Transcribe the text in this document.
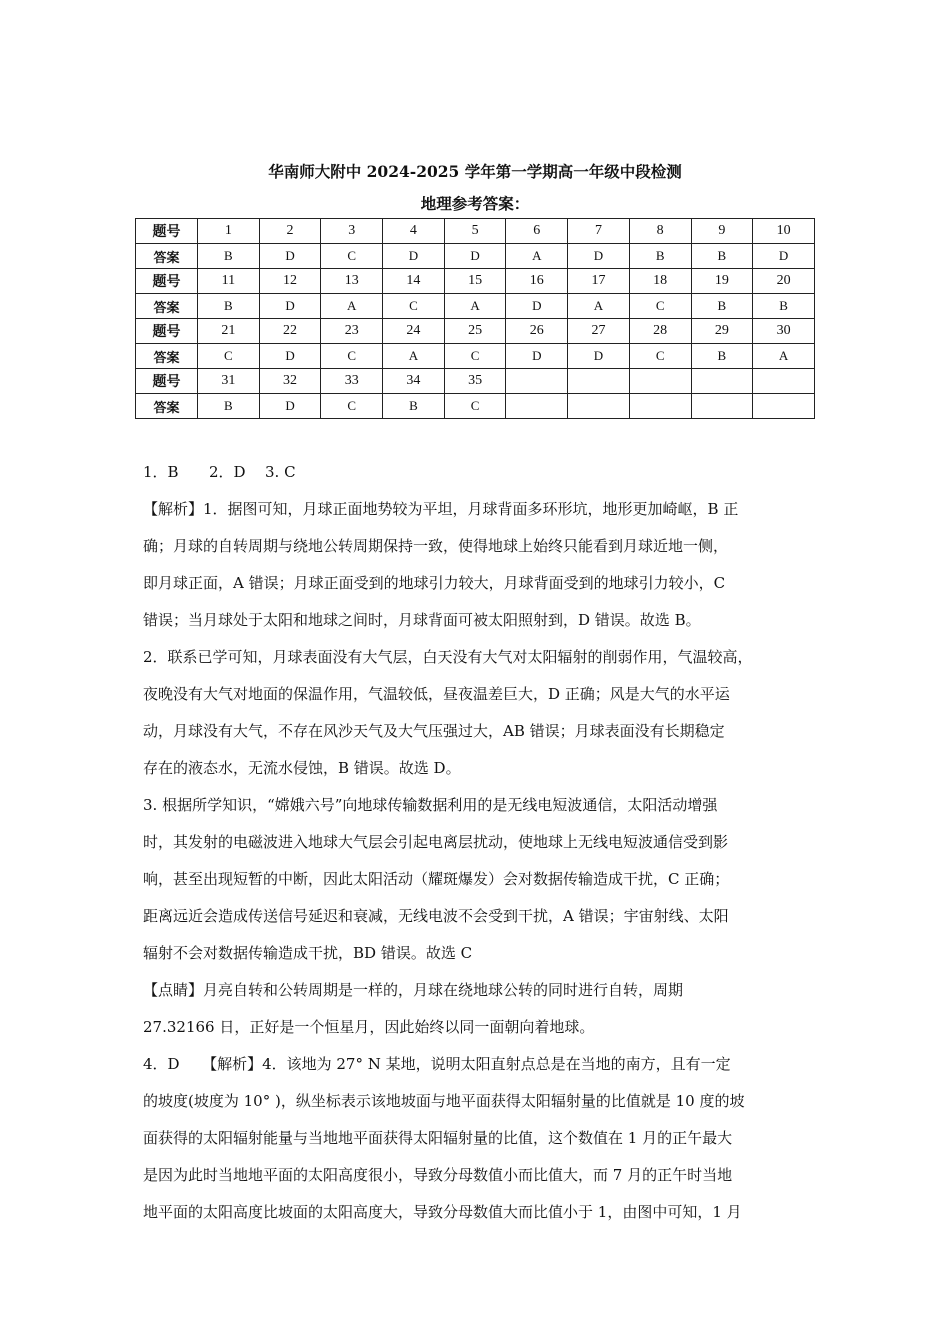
华南师大附中 2024-2025 学年第一学期高一年级中段检测
地理参考答案：
题号	1	2	3	4	5	6	7	8	9	10
答案	B	D	C	D	D	A	D	B	B	D
题号	11	12	13	14	15	16	17	18	19	20
答案	B	D	A	C	A	D	A	C	B	B
题号	21	22	23	24	25	26	27	28	29	30
答案	C	D	C	A	C	D	D	C	B	A
题号	31	32	33	34	35					
答案	B	D	C	B	C					
1．B 2．D 3. C
【解析】1．据图可知，月球正面地势较为平坦，月球背面多环形坑，地形更加崎岖，B 正
确；月球的自转周期与绕地公转周期保持一致，使得地球上始终只能看到月球近地一侧，
即月球正面，A 错误；月球正面受到的地球引力较大，月球背面受到的地球引力较小，C
错误；当月球处于太阳和地球之间时，月球背面可被太阳照射到，D 错误。故选 B。
2．联系已学可知，月球表面没有大气层，白天没有大气对太阳辐射的削弱作用，气温较高，
夜晚没有大气对地面的保温作用，气温较低，昼夜温差巨大，D 正确；风是大气的水平运
动，月球没有大气，不存在风沙天气及大气压强过大，AB 错误；月球表面没有长期稳定
存在的液态水，无流水侵蚀，B 错误。故选 D。
3. 根据所学知识，“嫦娥六号”向地球传输数据利用的是无线电短波通信，太阳活动增强
时，其发射的电磁波进入地球大气层会引起电离层扰动，使地球上无线电短波通信受到影
响，甚至出现短暂的中断，因此太阳活动（耀斑爆发）会对数据传输造成干扰，C 正确；
距离远近会造成传送信号延迟和衰减，无线电波不会受到干扰，A 错误；宇宙射线、太阳
辐射不会对数据传输造成干扰，BD 错误。故选 C
【点睛】月亮自转和公转周期是一样的，月球在绕地球公转的同时进行自转，周期
27.32166 日，正好是一个恒星月，因此始终以同一面朝向着地球。
4．D　　【解析】4．该地为 27° N 某地，说明太阳直射点总是在当地的南方，且有一定
的坡度(坡度为 10° )，纵坐标表示该地坡面与地平面获得太阳辐射量的比值就是 10 度的坡
面获得的太阳辐射能量与当地地平面获得太阳辐射量的比值，这个数值在 1 月的正午最大
是因为此时当地地平面的太阳高度很小，导致分母数值小而比值大，而 7 月的正午时当地
地平面的太阳高度比坡面的太阳高度大，导致分母数值大而比值小于 1，由图中可知，1 月
